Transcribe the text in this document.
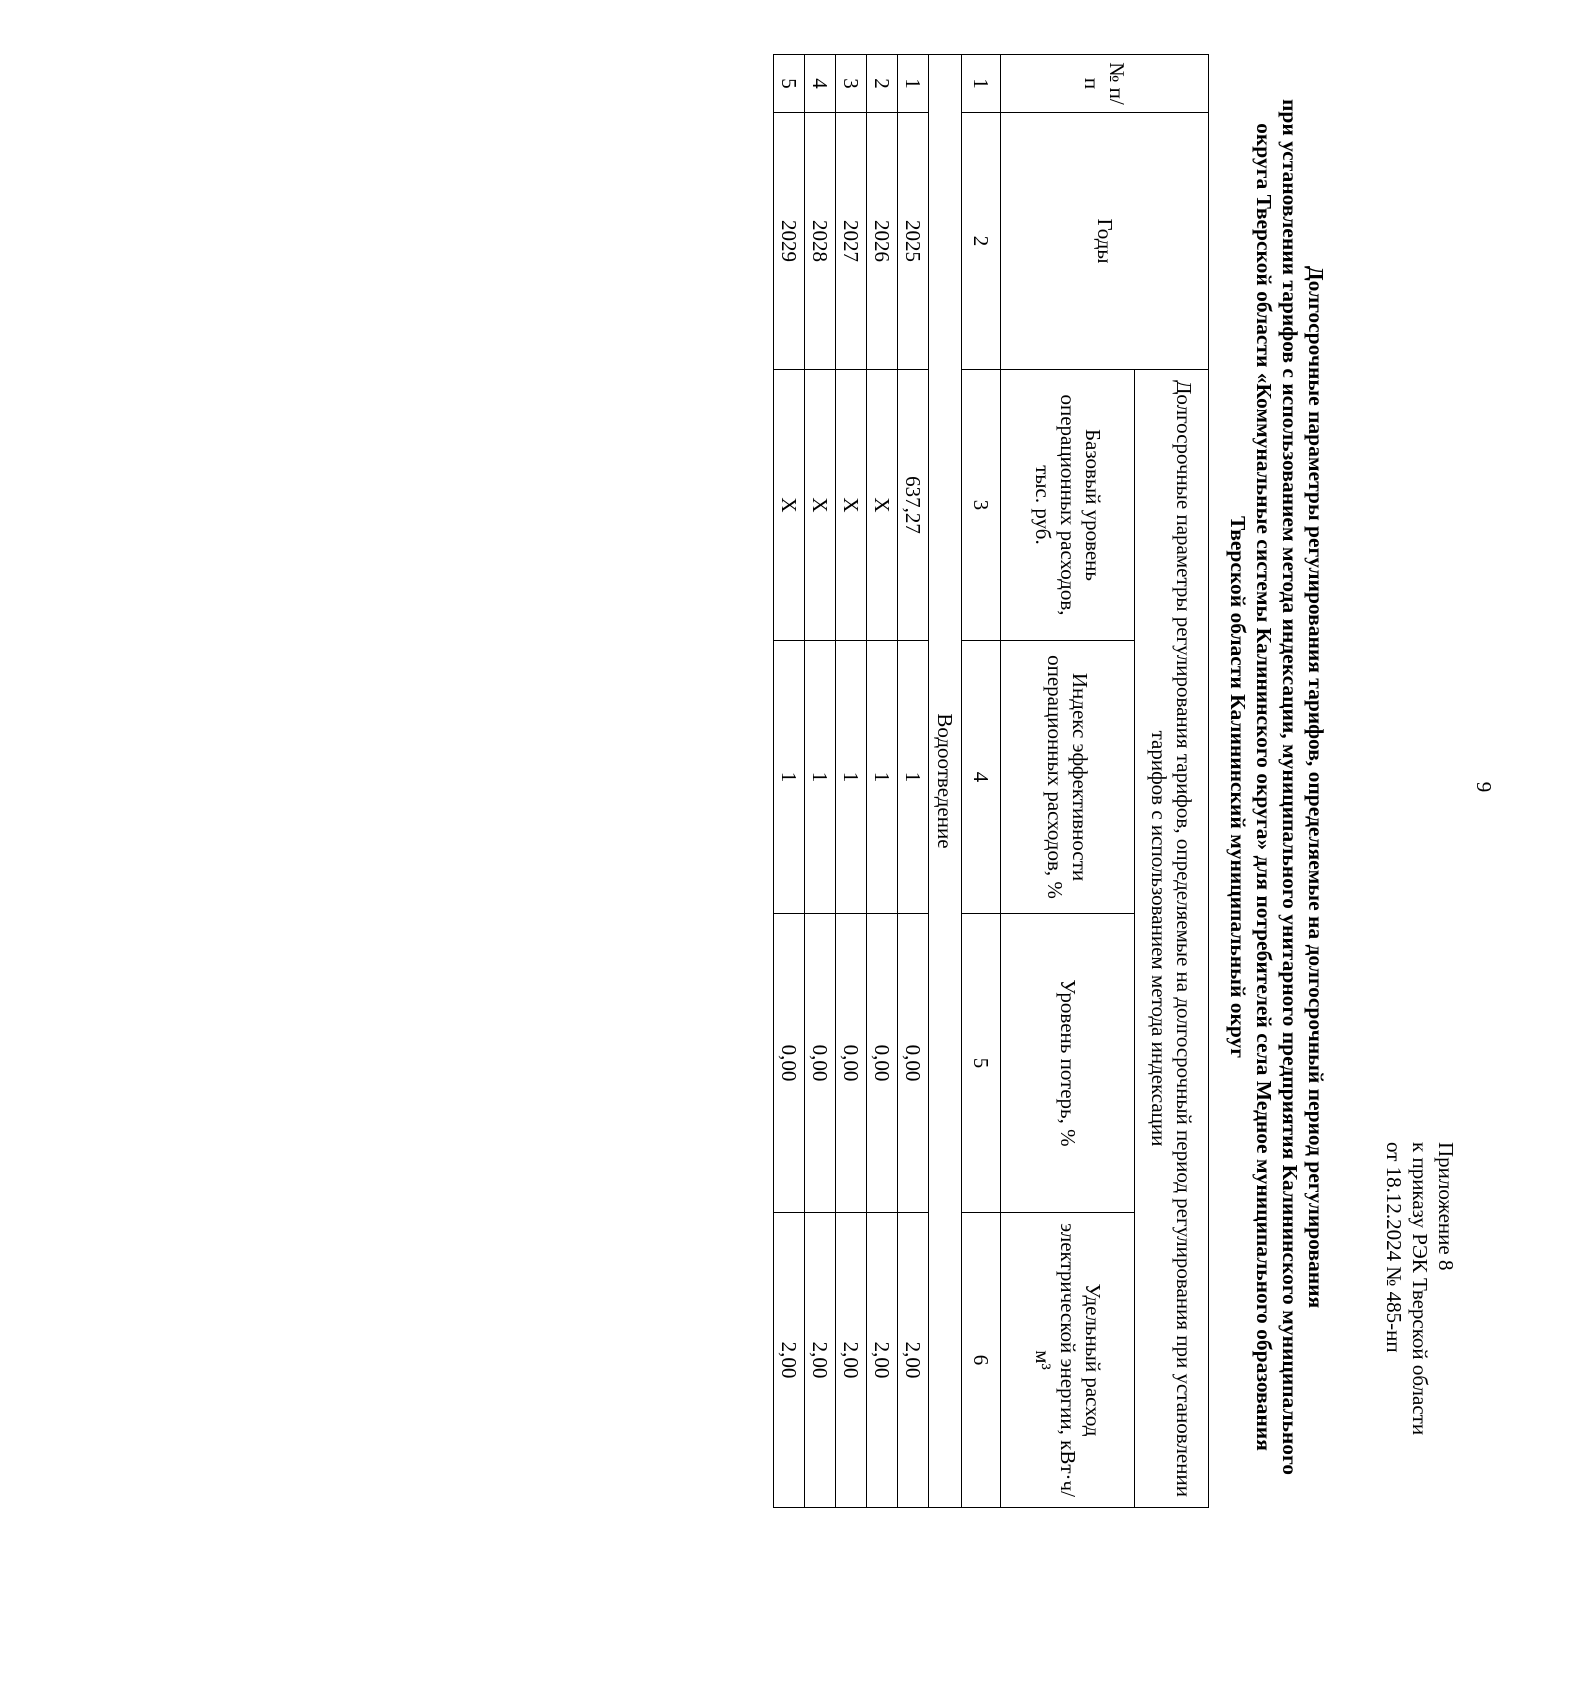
9
Приложение 8
к приказу РЭК Тверской области
от 18.12.2024 № 485-нп
Долгосрочные параметры регулирования тарифов, определяемые на долгосрочный период регулирования
при установлении тарифов с использованием метода индексации, муниципального унитарного предприятия Калининского муниципального
округа Тверской области «Коммунальные системы Калининского округа» для потребителей села Медное муниципального образования
Тверской области Калининский муниципальный округ
№ п/п	Годы	Долгосрочные параметры регулирования тарифов, определяемые на долгосрочный период регулирования при установлении тарифов с использованием метода индексации			
		Базовый уровень операционных расходов, тыс. руб.	Индекс эффективности операционных расходов, %	Уровень потерь, %	Удельный расход электрической энергии, кВт·ч/м³
1	2	3	4	5	6
Водоотведение					
1	2025	637,27	1	0,00	2,00
2	2026	X	1	0,00	2,00
3	2027	X	1	0,00	2,00
4	2028	X	1	0,00	2,00
5	2029	X	1	0,00	2,00
